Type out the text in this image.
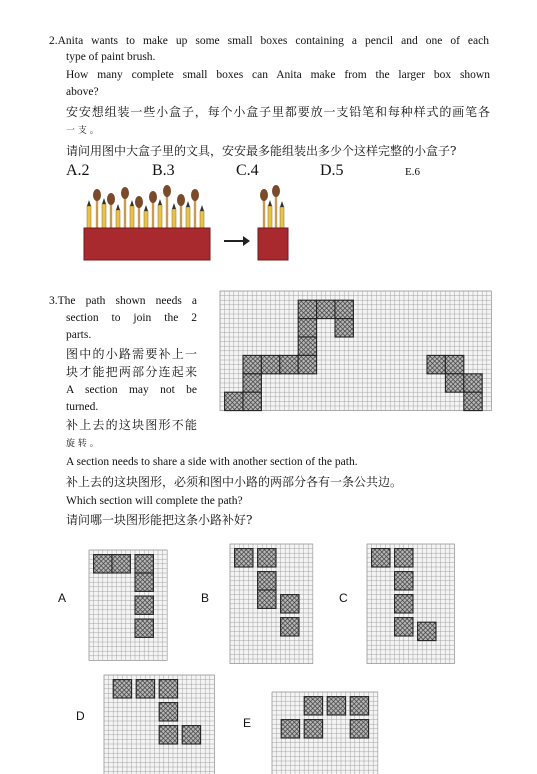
2.Anita wants to make up some small boxes containing a pencil and one of each
type of paint brush.
How many complete small boxes can Anita make from the larger box shown
above?
安安想组装一些小盒子，每个小盒子里都要放一支铅笔和每种样式的画笔各
一 支 。
请问用图中大盒子里的文具，安安最多能组装出多少个这样完整的小盒子?
A.2	B.3	C.4	D.5	E.6
3.The path shown needs a
section to join the 2
parts.
图中的小路需要补上一
块才能把两部分连起来
A section may not be
turned.
补上去的这块图形不能
旋 转 。
A section needs to share a side with another section of the path.
补上去的这块图形，必须和图中小路的两部分各有一条公共边。
Which section will complete the path?
请问哪一块图形能把这条小路补好?
A	B	C
D	E
